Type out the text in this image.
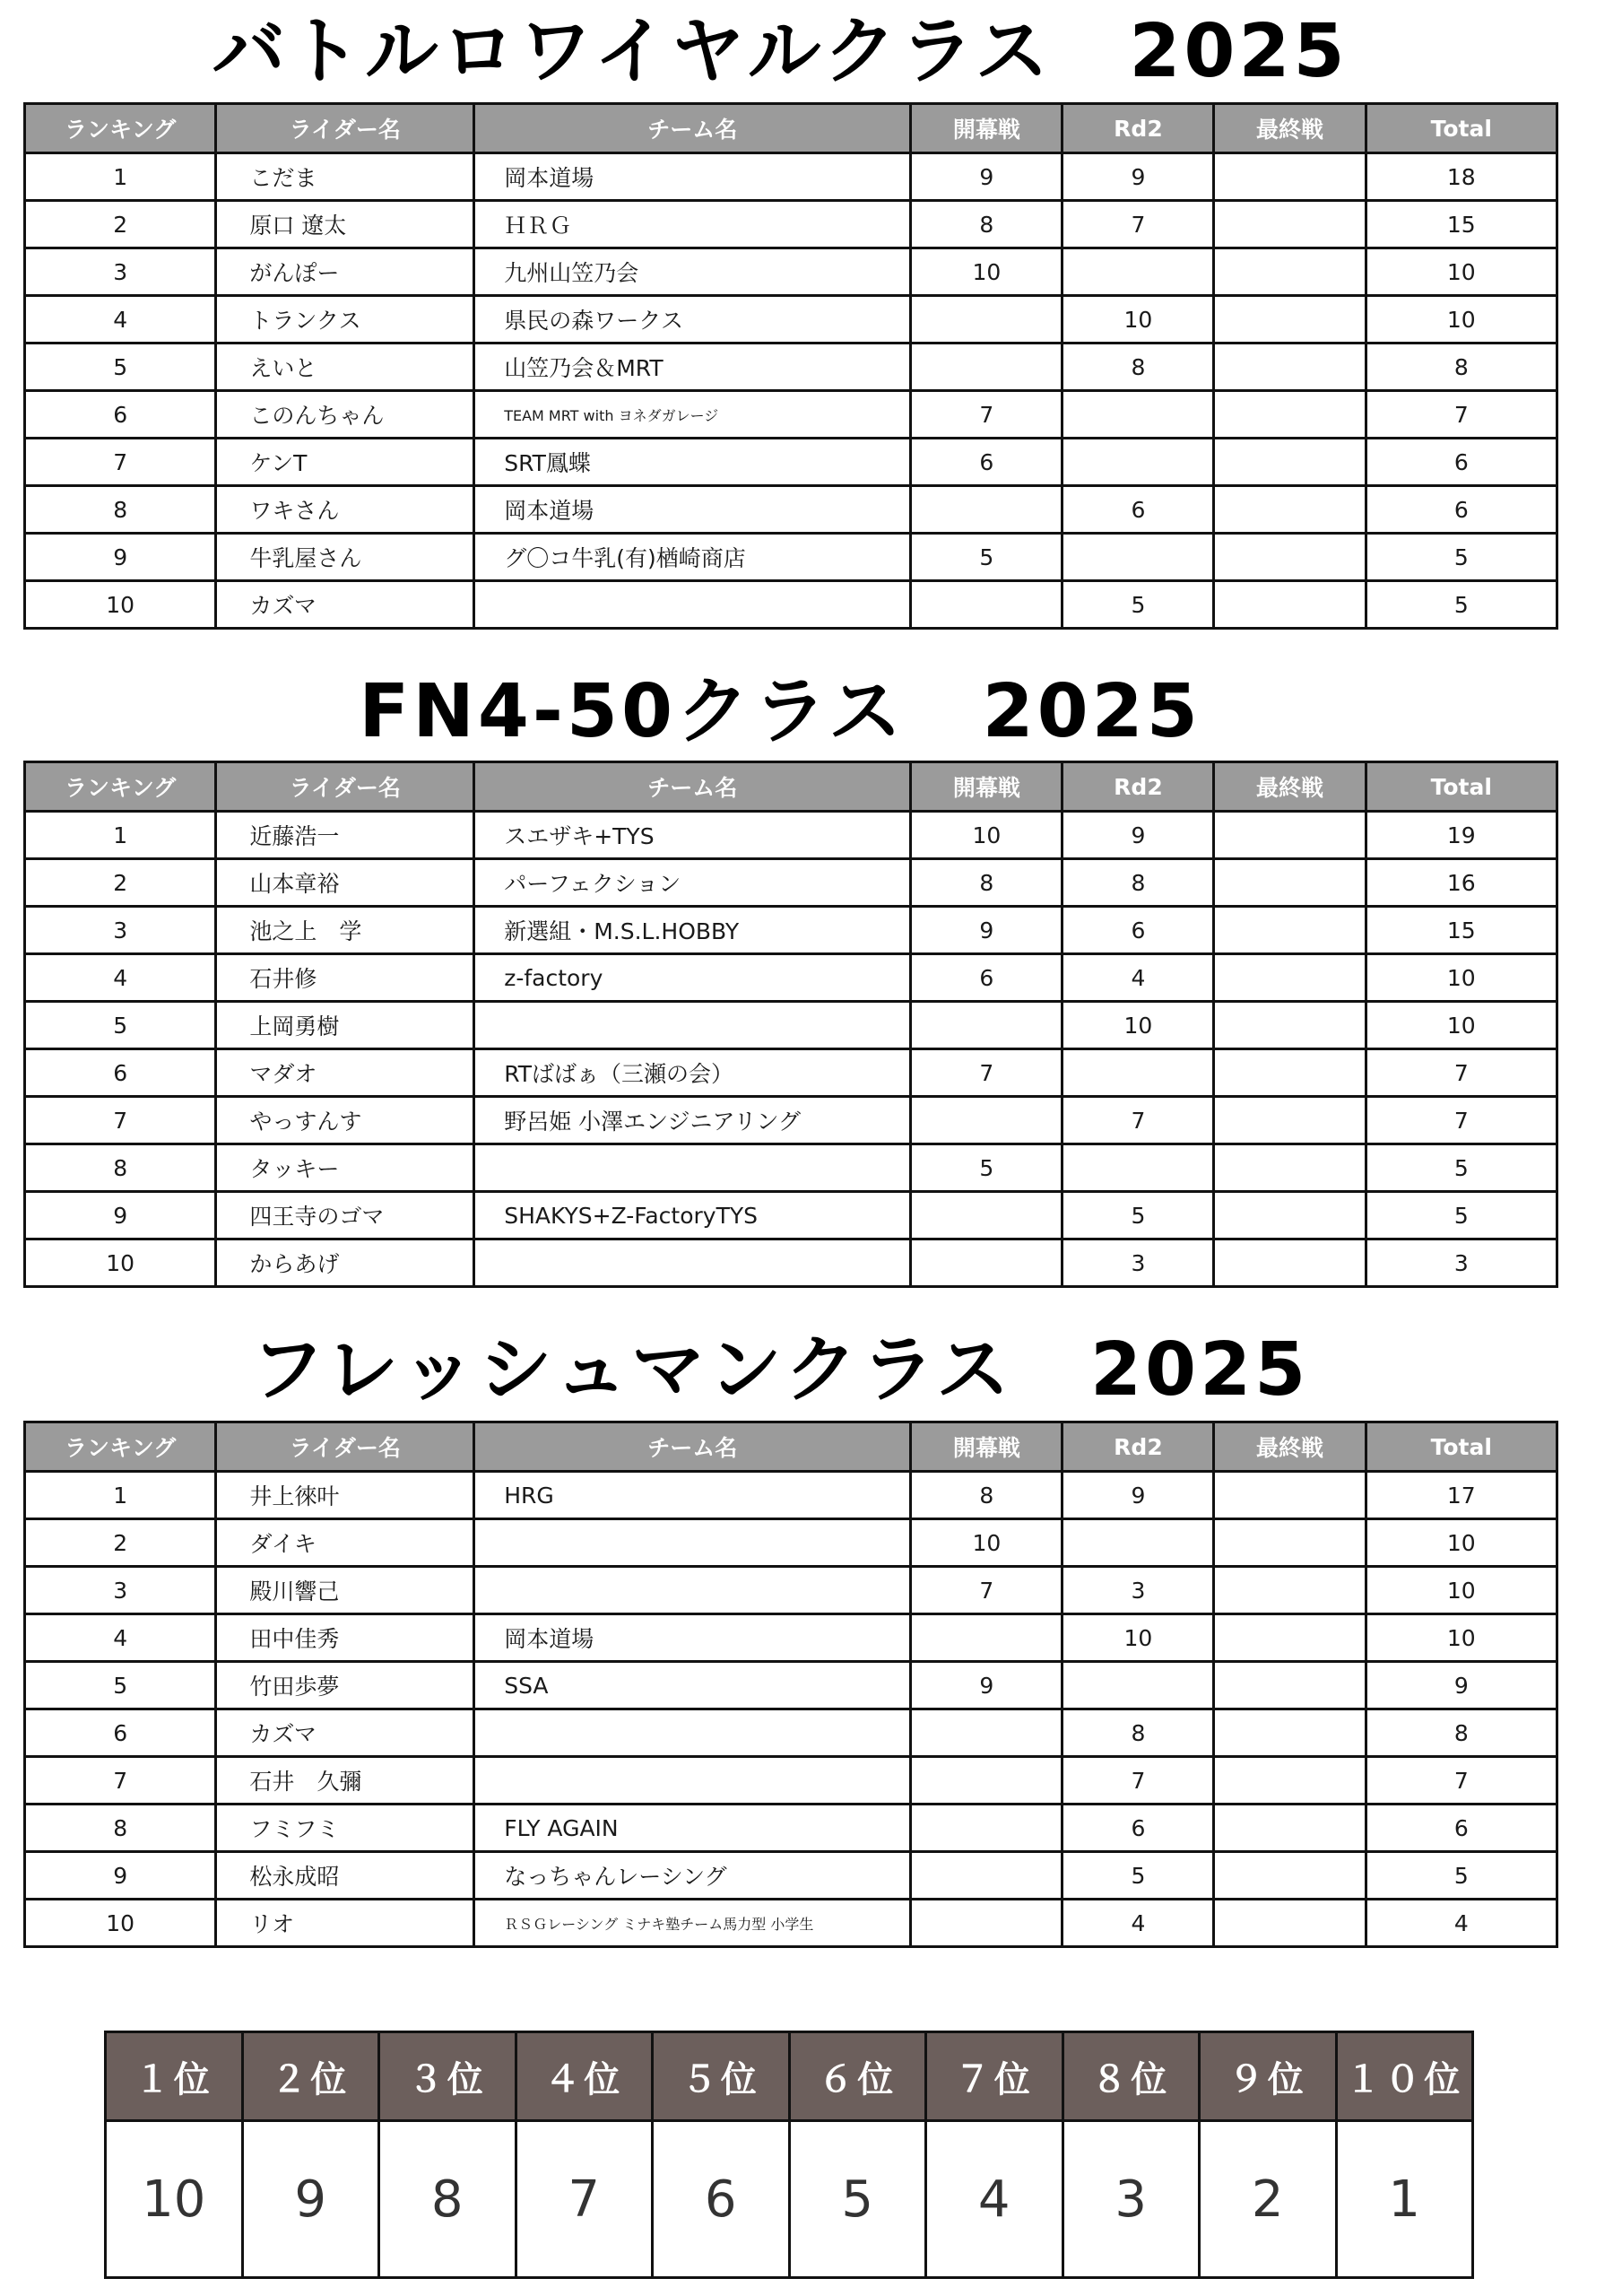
バトルロワイヤルクラス　2025
ランキング	ライダー名	チーム名	開幕戦	Rd2	最終戦	Total
1	こだま	岡本道場	9	9		18
2	原口 遼太	ＨＲＧ	8	7		15
3	がんぽー	九州山笠乃会	10			10
4	トランクス	県民の森ワークス		10		10
5	えいと	山笠乃会＆MRT		8		8
6	このんちゃん	TEAM MRT with ヨネダガレージ	7			7
7	ケンT	SRT鳳蝶	6			6
8	ワキさん	岡本道場		6		6
9	牛乳屋さん	グ〇コ牛乳(有)楢崎商店	5			5
10	カズマ			5		5
FN4-50クラス　2025
ランキング	ライダー名	チーム名	開幕戦	Rd2	最終戦	Total
1	近藤浩一	スエザキ+TYS	10	9		19
2	山本章裕	パーフェクション	8	8		16
3	池之上　学	新選組・M.S.L.HOBBY	9	6		15
4	石井修	z-factory	6	4		10
5	上岡勇樹			10		10
6	マダオ	RTばばぁ（三瀬の会）	7			7
7	やっすんす	野呂姫 小澤エンジニアリング		7		7
8	タッキー		5			5
9	四王寺のゴマ	SHAKYS+Z-FactoryTYS		5		5
10	からあげ			3		3
フレッシュマンクラス　2025
ランキング	ライダー名	チーム名	開幕戦	Rd2	最終戦	Total
1	井上徠叶	HRG	8	9		17
2	ダイキ		10			10
3	殿川響己		7	3		10
4	田中佳秀	岡本道場		10		10
5	竹田歩夢	SSA	9			9
6	カズマ			8		8
7	石井　久彌			7		7
8	フミフミ	FLY AGAIN		6		6
9	松永成昭	なっちゃんレーシング		5		5
10	リオ	ＲＳＧレーシング ミナキ塾チーム馬力型 小学生		4		4
１位	２位	３位	４位	５位	６位	７位	８位	９位	１０位
10	9	8	7	6	5	4	3	2	1
